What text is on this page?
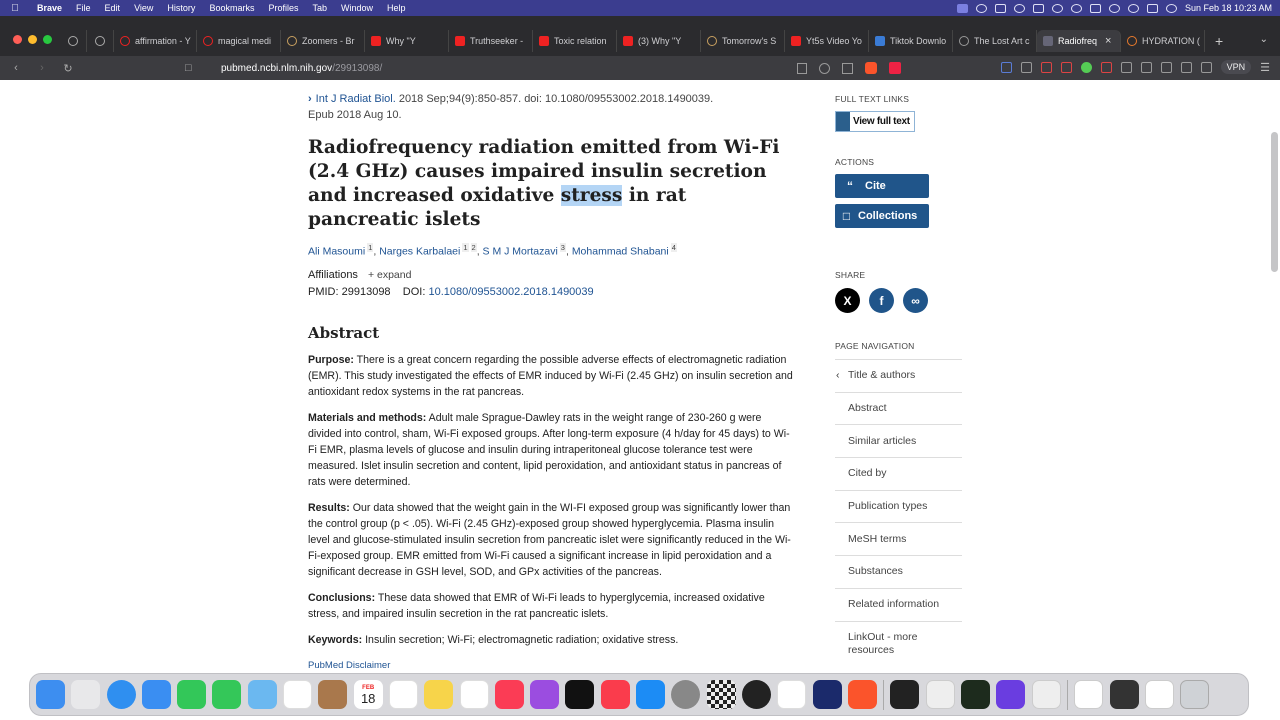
Brave	File	Edit	View	History	Bookmarks	Profiles	Tab	Window	Help	Sun Feb 18 10:23 AM
affirmation - Y	magical medi	Zoomers - Br	Why "Y	Truthseeker -	Toxic relation	(3) Why "Y	Tomorrow's S	Yt5s Video Yo	Tiktok Downlo	The Lost Art c	Radiofreq ×	HYDRATION (	+	⌄
‹	›	↻	□	pubmed.ncbi.nlm.nih.gov /29913098/	VPN	☰
› Int J Radiat Biol. 2018 Sep;94(9):850-857. doi: 10.1080/09553002.2018.1490039.
Epub 2018 Aug 10.
Radiofrequency radiation emitted from Wi-Fi (2.4 GHz) causes impaired insulin secretion and increased oxidative stress in rat pancreatic islets
Ali Masoumi $^1$, Narges Karbalaei $^1$ $^2$, S M J Mortazavi $^3$, Mohammad Shabani $^4$
Affiliations + expand
PMID: 29913098 DOI: 10.1080/09553002.2018.1490039
Abstract

Purpose: There is a great concern regarding the possible adverse effects of electromagnetic radiation (EMR). This study investigated the effects of EMR induced by Wi-Fi (2.45 GHz) on insulin secretion and antioxidant redox systems in the rat pancreas.

Materials and methods: Adult male Sprague-Dawley rats in the weight range of 230-260 g were divided into control, sham, Wi-Fi exposed groups. After long-term exposure (4 h/day for 45 days) to Wi-Fi EMR, plasma levels of glucose and insulin during intraperitoneal glucose tolerance test were measured. Islet insulin secretion and content, lipid peroxidation, and antioxidant status in pancreas of rats were determined.

Results: Our data showed that the weight gain in the WI-FI exposed group was significantly lower than the control group (p < .05). Wi-Fi (2.45 GHz)-exposed group showed hyperglycemia. Plasma insulin level and glucose-stimulated insulin secretion from pancreatic islet were significantly reduced in the Wi-Fi-exposed group. EMR emitted from Wi-Fi caused a significant increase in lipid peroxidation and a significant decrease in GSH level, SOD, and GPx activities of the pancreas.

Conclusions: These data showed that EMR of Wi-Fi leads to hyperglycemia, increased oxidative stress, and impaired insulin secretion in the rat pancreatic islets.

Keywords: Insulin secretion; Wi-Fi; electromagnetic radiation; oxidative stress.

PubMed Disclaimer
FULL TEXT LINKS
View full text
ACTIONS
“	Cite
□ Collections
SHARE
X	f	∞
PAGE NAVIGATION
‹ Title & authors
Abstract
Similar articles
Cited by
Publication types
MeSH terms
Substances
Related information
LinkOut - more resources
FEB
18
